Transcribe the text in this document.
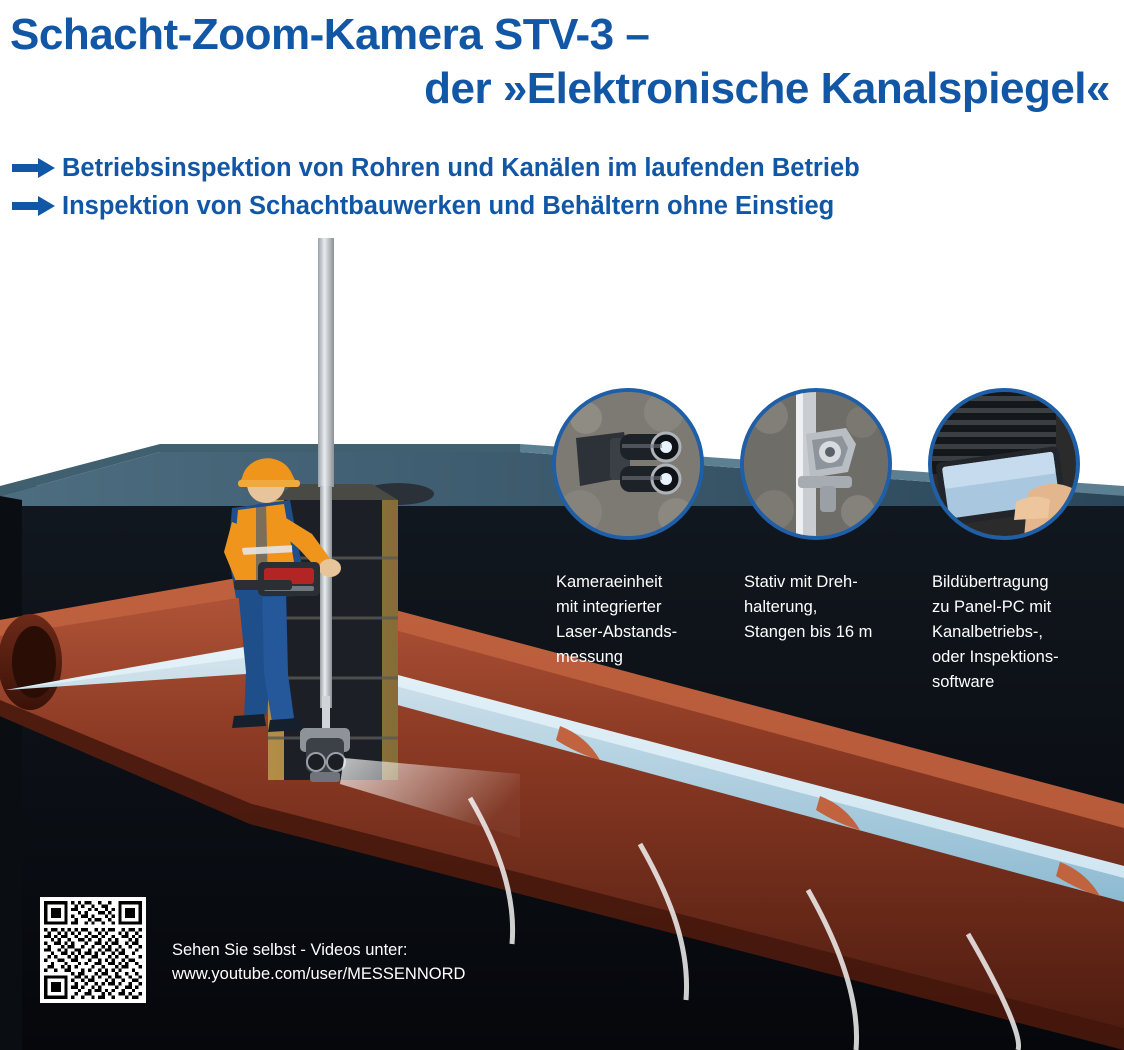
Schacht-Zoom-Kamera STV-3 –
der »Elektronische Kanalspiegel«
Betriebsinspektion von Rohren und Kanälen im laufenden Betrieb
Inspektion von Schachtbauwerken und Behältern ohne Einstieg
Kameraeinheit
mit integrierter
Laser-Abstands-
messung
Stativ mit Dreh-
halterung,
Stangen bis 16 m
Bildübertragung
zu Panel-PC mit
Kanalbetriebs-,
oder Inspektions-
software
Sehen Sie selbst - Videos unter:
www.youtube.com/user/MESSENNORD
